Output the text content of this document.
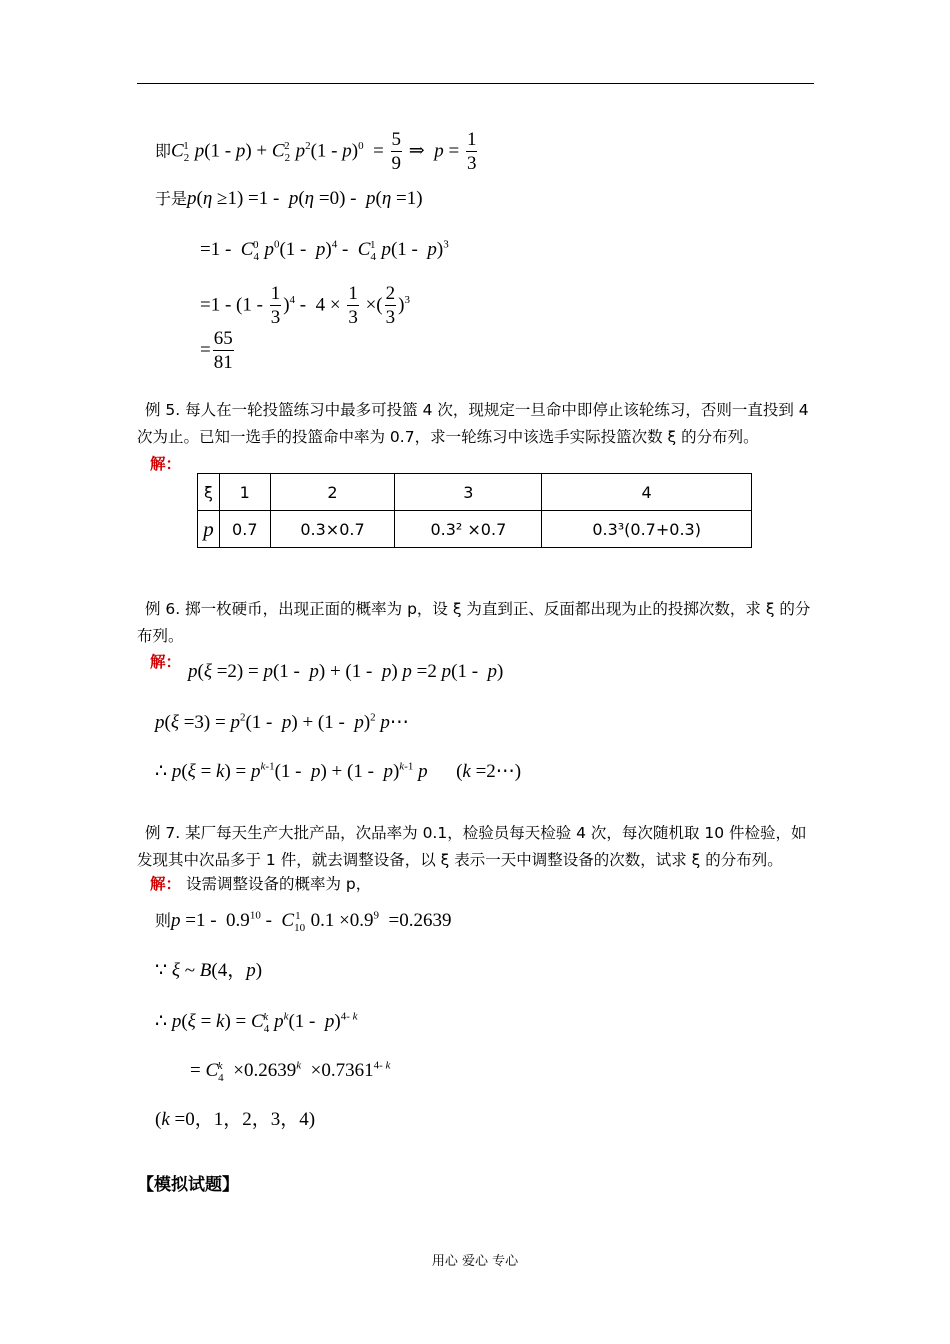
即$C_2^1$ $p(1 - p) + C_2^2$ $p^2(1 - p)^0 = \frac{5}{9}$ ⇒  $p = \frac{1}{3}$
于是p(η ≥1) =1 -  p(η =0) -  p(η =1)
$=1 - C_4^0$ $p^0(1 - p)^4 - C_4^1$ p(1 -  p)$^3$
$=1 - (1 - \frac{1}{3} )^4 - 4 \times \frac{1}{3}$ ×( $\frac{2}{3} )^3$
= $\frac{65}{81}$
例 5. 每人在一轮投篮练习中最多可投篮 4 次，现规定一旦命中即停止该轮练习，否则一直投到 4 次为止。已知一选手的投篮命中率为 0.7，求一轮练习中该选手实际投篮次数 ξ 的分布列。
解：
ξ	1	2	3	4
p	0.7	0.3×0.7	0.3² ×0.7	0.3³(0.7+0.3)
例 6. 掷一枚硬币，出现正面的概率为 p，设 ξ 为直到正、反面都出现为止的投掷次数，求 ξ 的分布列。
解： p(ξ =2) = p(1 -  p) + (1 -  p) p =2 p(1 -  p)
$p(\xi =3) = p^2(1 - p) + (1 - p)^2$ p⋯
∴ $p(\xi = k) = p^{k-1}(1 - p) + (1 - p)^{k-1}$ p      (k =2⋯)
例 7. 某厂每天生产大批产品，次品率为 0.1，检验员每天检验 4 次，每次随机取 10 件检验，如发现其中次品多于 1 件，就去调整设备，以 ξ 表示一天中调整设备的次数，试求 ξ 的分布列。
解： 设需调整设备的概率为 p，
则$p =1 - 0.9^{10} - C_{10}^1$ $0.1 \times 0.9^9 =0.2639$
∵ ξ ~ B(4，p)
∴ $p(\xi = k) = C_4^k$ $p^k(1 - p)^{4- k}$
= $C_4^k \times 0.2639^k \times 0.7361^{4- k}$
(k =0，1，2，3，4)
【模拟试题】
用心 爱心 专心
